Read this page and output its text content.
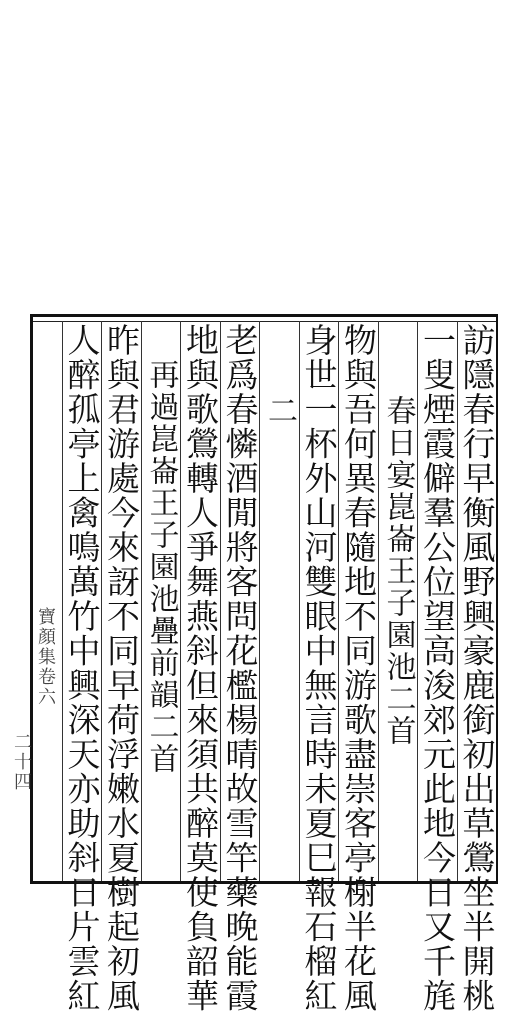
寶顏集卷六
二十四	訪隱春行早衡風野興豪鹿銜初出草鶯坐半開桃
一叟煙霞僻羣公位望高浚郊元此地今日又千旄
春日宴崑崙王子園池二首
物與吾何異春隨地不同游歌盡崇客亭榭半花風
身世一杯外山河雙眼中無言時未夏巳報石榴紅
二
老爲春憐酒閒將客問花檻楊晴故雪竿藥晚能霞
地與歌鶯轉人爭舞燕斜但來須共醉莫使負韶華
再過崑崙王子園池疊前韻二首
昨與君游處今來訝不同早荷浮嫩水夏樹起初風
人醉孤亭上禽鳴萬竹中興深天亦助斜日片雲紅
